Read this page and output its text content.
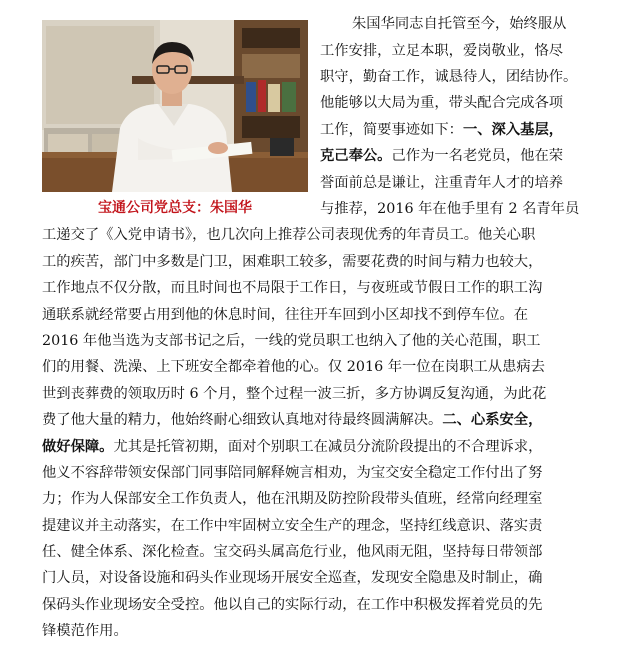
宝通公司党总支：朱国华
朱国华同志自托管至今，始终服从
工作安排，立足本职，爱岗敬业，恪尽
职守，勤奋工作，诚恳待人，团结协作。
他能够以大局为重，带头配合完成各项
工作，简要事迹如下：一、深入基层，
克己奉公。己作为一名老党员，他在荣
誉面前总是谦让，注重青年人才的培养
与推荐，2016 年在他手里有 2 名青年员
工递交了《入党申请书》，也几次向上推荐公司表现优秀的年青员工。他关心职
工的疾苦，部门中多数是门卫，困难职工较多，需要花费的时间与精力也较大，
工作地点不仅分散，而且时间也不局限于工作日，与夜班或节假日工作的职工沟
通联系就经常要占用到他的休息时间，往往开车回到小区却找不到停车位。在
2016 年他当选为支部书记之后，一线的党员职工也纳入了他的关心范围，职工
们的用餐、洗澡、上下班安全都牵着他的心。仅 2016 年一位在岗职工从患病去
世到丧葬费的领取历时 6 个月，整个过程一波三折，多方协调反复沟通，为此花
费了他大量的精力，他始终耐心细致认真地对待最终圆满解决。二、心系安全，
做好保障。尤其是托管初期，面对个别职工在减员分流阶段提出的不合理诉求，
他义不容辞带领安保部门同事陪同解释婉言相劝，为宝交安全稳定工作付出了努
力；作为人保部安全工作负责人，他在汛期及防控阶段带头值班，经常向经理室
提建议并主动落实，在工作中牢固树立安全生产的理念，坚持红线意识、落实责
任、健全体系、深化检查。宝交码头属高危行业，他风雨无阻，坚持每日带领部
门人员，对设备设施和码头作业现场开展安全巡查，发现安全隐患及时制止，确
保码头作业现场安全受控。他以自己的实际行动，在工作中积极发挥着党员的先
锋模范作用。
